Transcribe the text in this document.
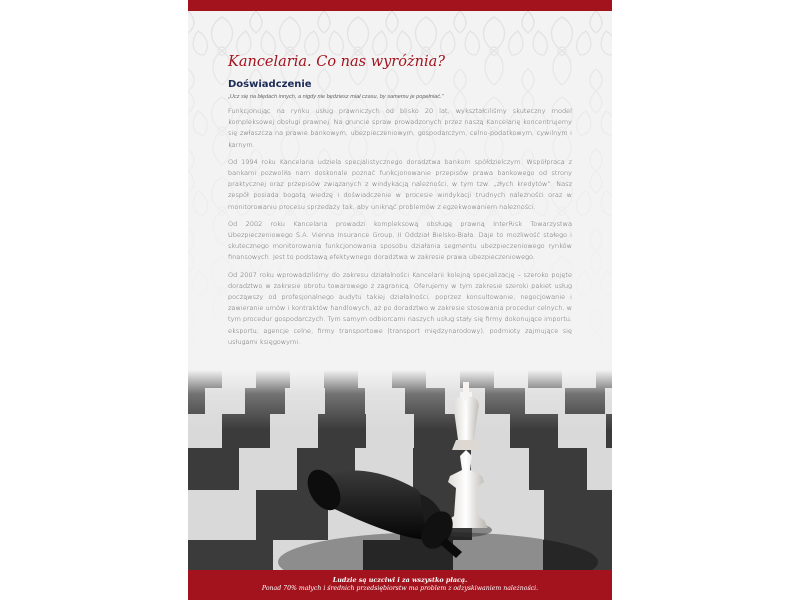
Kancelaria. Co nas wyróżnia?
Doświadczenie

„Ucz się na błędach innych, a nigdy nie będziesz miał czasu, by samemu je popełniać.”

Funkcjonując na rynku usług prawniczych od blisko 20 lat, wykształciliśmy skuteczny model kompleksowej obsługi prawnej. Na gruncie spraw prowadzonych przez naszą Kancelarię koncentrujemy się zwłaszcza na prawie bankowym, ubezpieczeniowym, gospodarczym, celno-podatkowym, cywilnym i karnym.

Od 1994 roku Kancelaria udziela specjalistycznego doradztwa bankom spółdzielczym. Współpraca z bankami pozwoliła nam doskonale poznać funkcjonowanie przepisów prawa bankowego od strony praktycznej oraz przepisów związanych z windykacją należności, w tym tzw. „złych kredytów”. Nasz zespół posiada bogatą wiedzę i doświadczenie w procesie windykacji trudnych należności oraz w monitorowaniu procesu sprzedaży tak, aby uniknąć problemów z egzekwowaniem należności.

Od 2002 roku Kancelaria prowadzi kompleksową obsługę prawną InterRisk Towarzystwa Ubezpieczeniowego S.A. Vienna Insurance Group, II Oddział Bielsko-Biała. Daje to możliwość stałego i skutecznego monitorowania funkcjonowania sposobu działania segmentu ubezpieczeniowego rynków finansowych. Jest to podstawą efektywnego doradztwa w zakresie prawa ubezpieczeniowego.

Od 2007 roku wprowadziliśmy do zakresu działalności Kancelarii kolejną specjalizację – szeroko pojęte doradztwo w zakresie obrotu towarowego z zagranicą. Oferujemy w tym zakresie szeroki pakiet usług począwszy od profesjonalnego audytu takiej działalności, poprzez konsultowanie, negocjowanie i zawieranie umów i kontraktów handlowych, aż po doradztwo w zakresie stosowania procedur celnych, w tym procedur gospodarczych. Tym samym odbiorcami naszych usług stały się firmy dokonujące importu, eksportu, agencje celne, firmy transportowe (transport międzynarodowy), podmioty zajmujące się usługami księgowymi.

Ludzie są uczciwi i za wszystko płacą.
Ponad 70% małych i średnich przedsiębiorstw ma problem z odzyskiwaniem należności.
